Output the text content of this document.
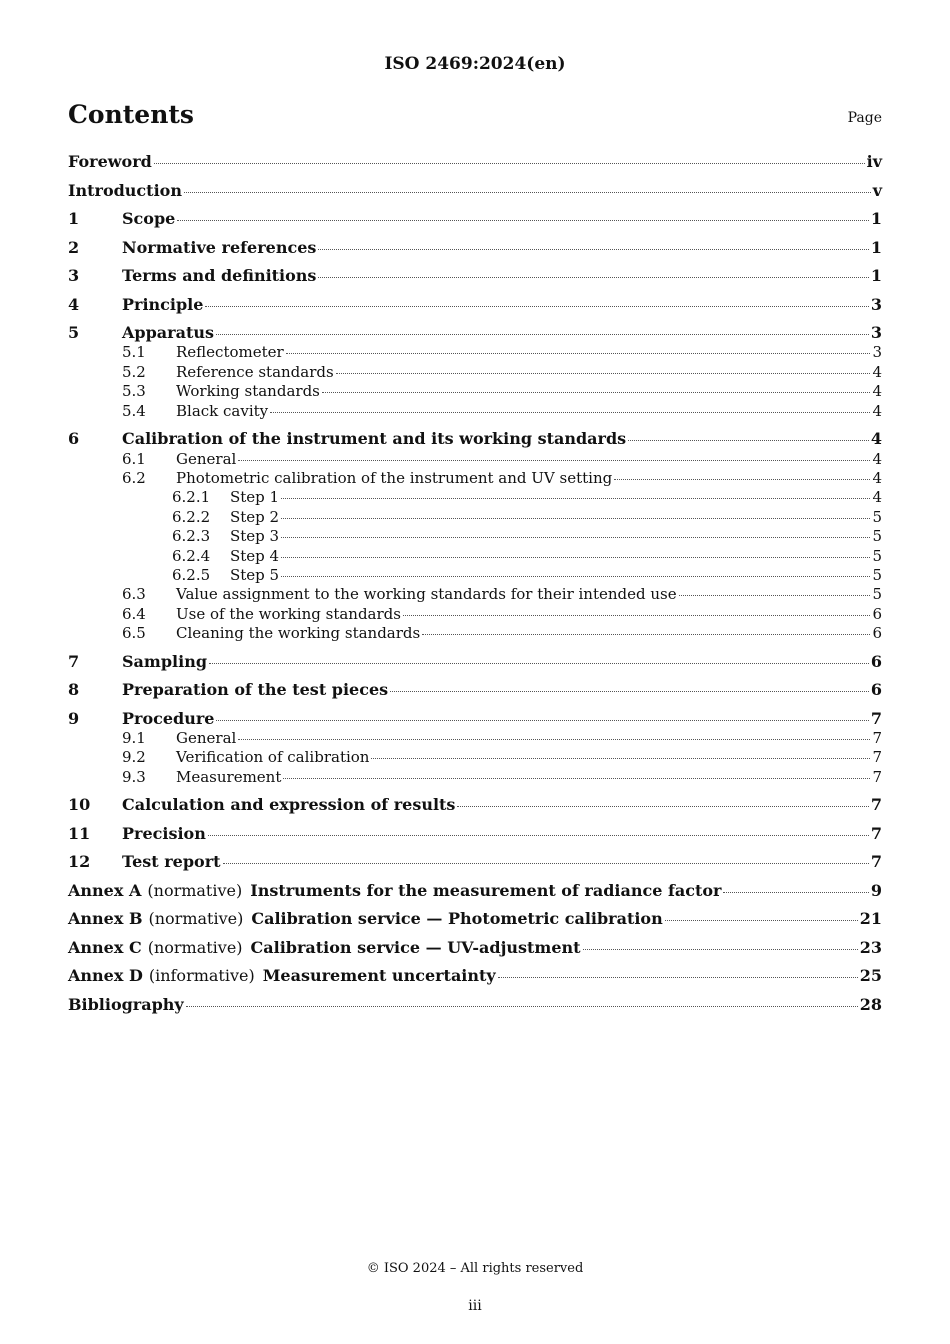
ISO 2469:2024(en)
Contents	Page
Foreword	iv
Introduction	v
1	Scope	1
2	Normative references	1
3	Terms and definitions	1
4	Principle	3
5	Apparatus	3
5.1	Reflectometer	3
5.2	Reference standards	4
5.3	Working standards	4
5.4	Black cavity	4
6	Calibration of the instrument and its working standards	4
6.1	General	4
6.2	Photometric calibration of the instrument and UV setting	4
6.2.1	Step 1	4
6.2.2	Step 2	5
6.2.3	Step 3	5
6.2.4	Step 4	5
6.2.5	Step 5	5
6.3	Value assignment to the working standards for their intended use	5
6.4	Use of the working standards	6
6.5	Cleaning the working standards	6
7	Sampling	6
8	Preparation of the test pieces	6
9	Procedure	7
9.1	General	7
9.2	Verification of calibration	7
9.3	Measurement	7
10	Calculation and expression of results	7
11	Precision	7
12	Test report	7
Annex A (normative) Instruments for the measurement of radiance factor	9
Annex B (normative) Calibration service — Photometric calibration	21
Annex C (normative) Calibration service — UV-adjustment	23
Annex D (informative) Measurement uncertainty	25
Bibliography	28
© ISO 2024 – All rights reserved
iii
